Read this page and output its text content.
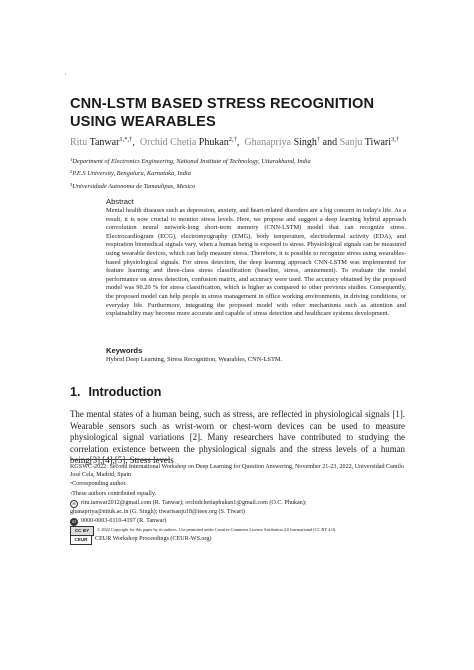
,
CNN-LSTM BASED STRESS RECOGNITION USING WEARABLES
Ritu Tanwar$^{1,*,\dagger}$, Orchid Chetia Phukan$^{2,\dagger}$, Ghanapriya Singh† and Sanju Tiwari$^{3,\dagger}$
$^1$Department of Electronics Engineering, National Institute of Technology, Uttarakhand, India
$^2$P.E.S University, Bengaluru, Karnataka, India
$^3$Universidade Autonoma de Tamaulipas, Mexico
Abstract
Mental health diseases such as depression, anxiety, and heart-related disorders are a big concern in today's life. As a result, it is now crucial to monitor stress levels. Here, we propose and suggest a deep learning hybrid approach convolution neural network-long short-term memory (CNN-LSTM) model that can recognize stress. Electrocardiogram (ECG), electromyography (EMG), body temperature, electrodermal activity (EDA), and respiration biomedical signals vary, when a human being is exposed to stress. Physiological signals can be measured using wearable devices, which can help measure stress. Therefore, it is possible to recognize stress using wearables-based physiological signals. For stress detection, the deep learning approach CNN-LSTM was implemented for feature learning and three-class stress classification (baseline, stress, amusement). To evaluate the model performance on stress detection, confusion matrix, and accuracy were used. The accuracy obtained by the proposed model was 90.20 % for stress classification, which is higher as compared to other previous studies. Consequently, the proposed model can help people in stress management in office working environments, in driving conditions, or everyday life. Furthermore, integrating the proposed model with other mechanisms such as attention and explainability may become more accurate and capable of stress detection and healthcare systems development.
Keywords
Hybrid Deep Learning, Stress Recognition, Wearables, CNN-LSTM.
1. Introduction
The mental states of a human being, such as stress, are reflected in physiological signals [1]. Wearable sensors such as wrist-worn or chest-worn devices can be used to measure physiological signal variations [2]. Many researchers have contributed to studying the correlation existence between the physiological signals and the stress levels of a human being[3],[4],[5]. Stress levels
KGSWC-2022: Second International Workshop on Deep Learning for Question Answering, November 21-23, 2022, Universidad Camilo José Cela, Madrid, Spain
*Corresponding author.
†These authors contributed equally.
✉ ritu.tanwar2012@gmail.com (R. Tanwar); orchidchetiaphukan1@gmail.com (O.C. Phukan);
ghanapriya@nituk.ac.in (G. Singh); tiwarisanju18@ieee.org (S. Tiwari)
iD 0000-0003-0110-4197 (R. Tanwar)
CC BY © 2022 Copyright for this paper by its authors. Use permitted under Creative Commons License Attribution 4.0 International (CC BY 4.0).
CEUR CEUR Workshop Proceedings (CEUR-WS.org)
